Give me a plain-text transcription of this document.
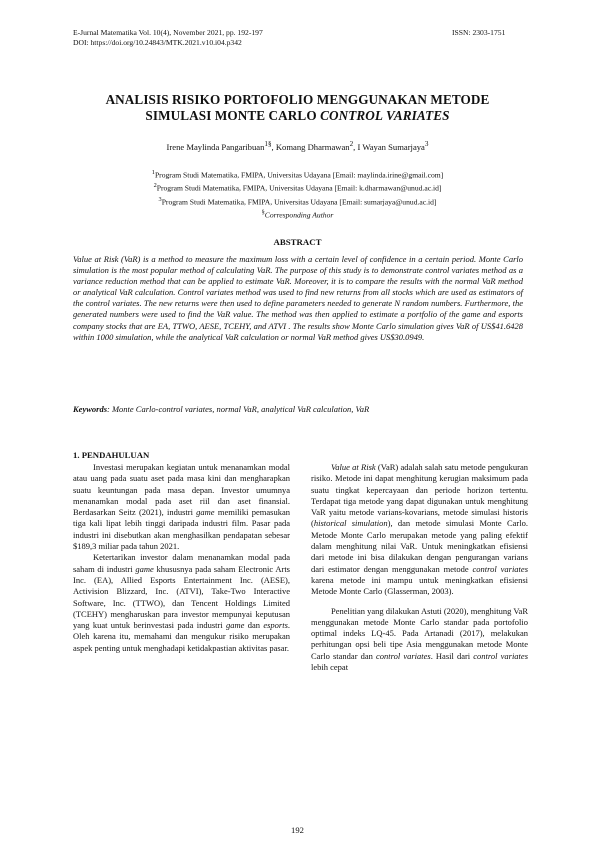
E-Jurnal Matematika Vol. 10(4), November 2021, pp. 192-197
DOI: https://doi.org/10.24843/MTK.2021.v10.i04.p342
ISSN: 2303-1751
ANALISIS RISIKO PORTOFOLIO MENGGUNAKAN METODE
SIMULASI MONTE CARLO CONTROL VARIATES
Irene Maylinda Pangaribuan$^{1\S}$, Komang Dharmawan$^2$, I Wayan Sumarjaya$^3$
$^1$Program Studi Matematika, FMIPA, Universitas Udayana [Email: maylinda.irine@gmail.com]
$^2$Program Studi Matematika, FMIPA, Universitas Udayana [Email: k.dharmawan@unud.ac.id]
$^3$Program Studi Matematika, FMIPA, Universitas Udayana [Email: sumarjaya@unud.ac.id]
§Corresponding Author
ABSTRACT
Value at Risk (VaR) is a method to measure the maximum loss with a certain level of confidence in a certain period. Monte Carlo simulation is the most popular method of calculating VaR. The purpose of this study is to demonstrate control variates method as a variance reduction method that can be applied to estimate VaR. Moreover, it is to compare the results with the normal VaR method or analytical VaR calculation. Control variates method was used to find new returns from all stocks which are used as estimators of the control variates. The new returns were then used to define parameters needed to generate N random numbers. Furthermore, the generated numbers were used to find the VaR value. The method was then applied to estimate a portfolio of the game and esports company stocks that are EA, TTWO, AESE, TCEHY, and ATVI . The results show Monte Carlo simulation gives VaR of US$41.6428 within 1000 simulation, while the analytical VaR calculation or normal VaR method gives US$30.0949.
Keywords: Monte Carlo-control variates, normal VaR, analytical VaR calculation, VaR
1. PENDAHULUAN

Investasi merupakan kegiatan untuk menanamkan modal atau uang pada suatu aset pada masa kini dan mengharapkan suatu keuntungan pada masa depan. Investor umumnya menanamkan modal pada aset riil dan aset finansial. Berdasarkan Seitz (2021), industri game memiliki pemasukan tiga kali lipat lebih tinggi daripada industri film. Pasar pada industri ini disebutkan akan menghasilkan pendapatan sebesar $189,3 miliar pada tahun 2021.

Ketertarikan investor dalam menanamkan modal pada saham di industri game khususnya pada saham Electronic Arts Inc. (EA), Allied Esports Entertainment Inc. (AESE), Activision Blizzard, Inc. (ATVI), Take-Two Interactive Software, Inc. (TTWO), dan Tencent Holdings Limited (TCEHY) mengharuskan para investor mempunyai keputusan yang kuat untuk berinvestasi pada industri game dan esports. Oleh karena itu, memahami dan mengukur risiko merupakan aspek penting untuk menghadapi ketidakpastian aktivitas pasar.

Value at Risk (VaR) adalah salah satu metode pengukuran risiko. Metode ini dapat menghitung kerugian maksimum pada suatu tingkat kepercayaan dan periode horizon tertentu. Terdapat tiga metode yang dapat digunakan untuk menghitung VaR yaitu metode varians-kovarians, metode simulasi historis (historical simulation), dan metode simulasi Monte Carlo. Metode Monte Carlo merupakan metode yang paling efektif dalam menghitung nilai VaR. Untuk meningkatkan efisiensi dari metode ini bisa dilakukan dengan pengurangan varians dari estimator dengan menggunakan metode control variates karena metode ini mampu untuk meningkatkan efisiensi Metode Monte Carlo (Glasserman, 2003).

Penelitian yang dilakukan Astuti (2020), menghitung VaR menggunakan metode Monte Carlo standar pada portofolio optimal indeks LQ-45. Pada Artanadi (2017), melakukan perhitungan opsi beli tipe Asia menggunakan metode Monte Carlo standar dan control variates. Hasil dari control variates lebih cepat

192
